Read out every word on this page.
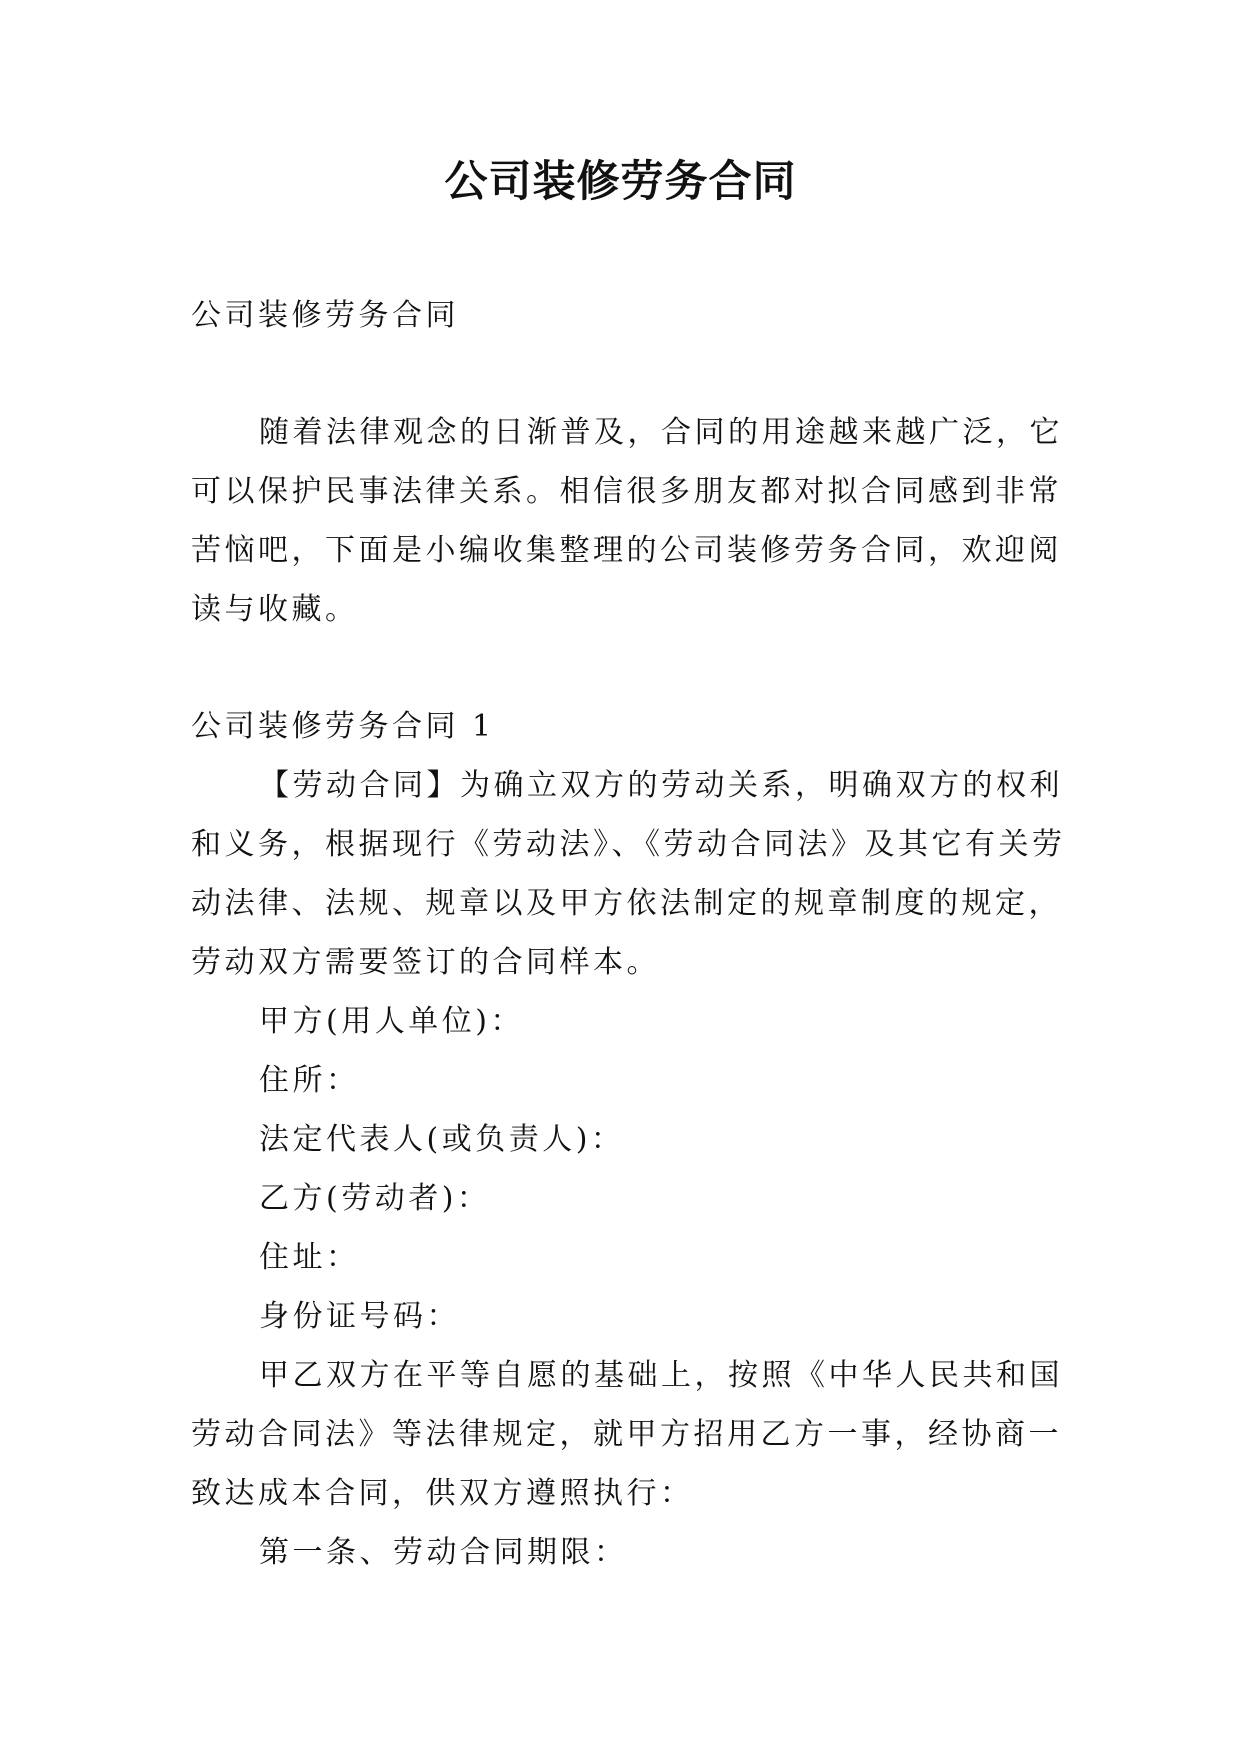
公司装修劳务合同

公司装修劳务合同

随着法律观念的日渐普及，合同的用途越来越广泛，它可以保护民事法律关系。相信很多朋友都对拟合同感到非常苦恼吧，下面是小编收集整理的公司装修劳务合同，欢迎阅读与收藏。

公司装修劳务合同 1

【劳动合同】为确立双方的劳动关系，明确双方的权利和义务，根据现行《劳动法》、《劳动合同法》及其它有关劳动法律、法规、规章以及甲方依法制定的规章制度的规定，劳动双方需要签订的合同样本。

甲方(用人单位)：

住所：

法定代表人(或负责人)：

乙方(劳动者)：

住址：

身份证号码：

甲乙双方在平等自愿的基础上，按照《中华人民共和国劳动合同法》等法律规定，就甲方招用乙方一事，经协商一致达成本合同，供双方遵照执行：

第一条、劳动合同期限：
